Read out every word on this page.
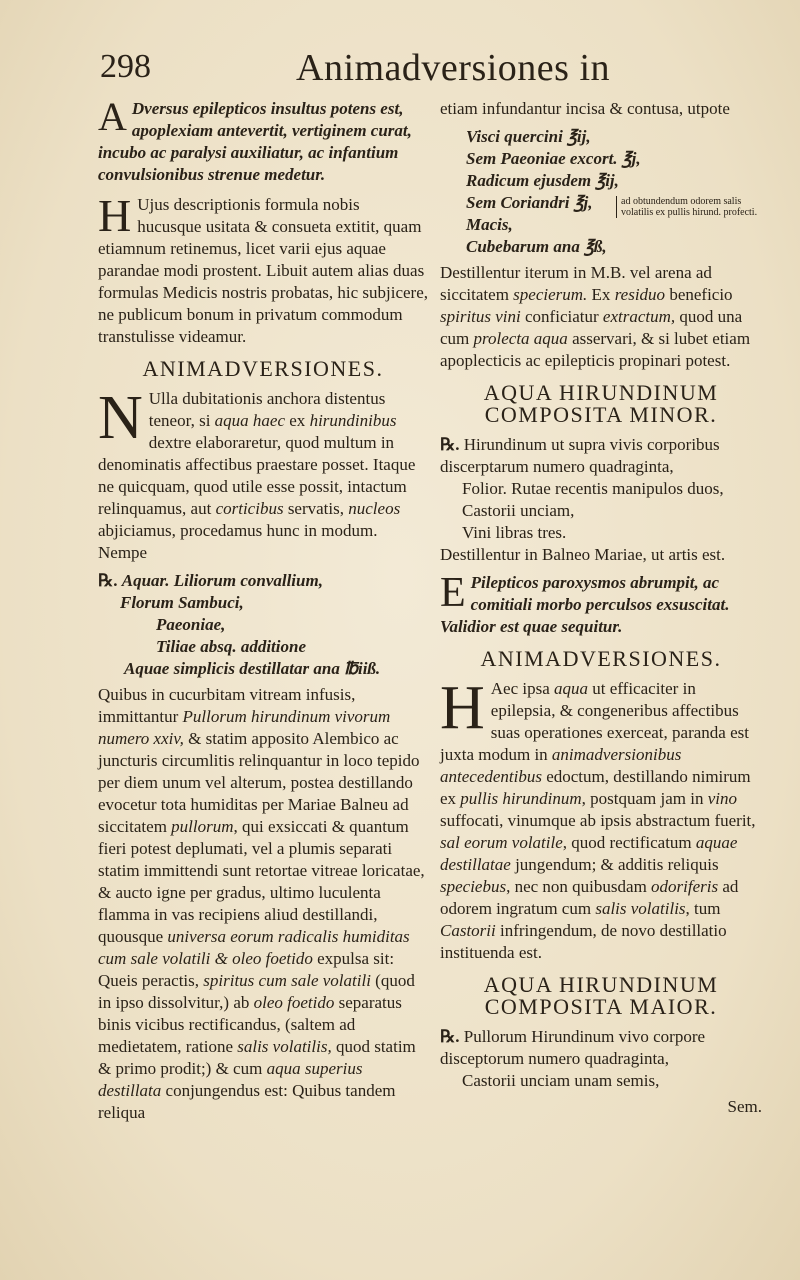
298	Animadversiones in

A Dversus epilepticos insultus potens est, apoplexiam antevertit, vertiginem curat, incubo ac paralysi auxiliatur, ac infantium convulsionibus strenue medetur.

H Ujus descriptionis formula nobis hucusque usitata & consueta extitit, quam etiamnum retinemus, licet varii ejus aquae parandae modi prostent. Libuit autem alias duas formulas Medicis nostris probatas, hic subjicere, ne publicum bonum in privatum commodum transtulisse videamur.

ANIMADVERSIONES.

N Ulla dubitationis anchora distentus teneor, si aqua haec ex hirundinibus dextre elaboraretur, quod multum in denominatis affectibus praestare posset. Itaque ne quicquam, quod utile esse possit, intactum relinquamus, aut corticibus servatis, nucleos abjiciamus, procedamus hunc in modum. Nempe

℞. Aquar. Liliorum convallium,
Florum Sambuci,
Paeoniae,
Tiliae absq. additione
Aquae simplicis destillatar ana ℔iiß.

Quibus in cucurbitam vitream infusis, immittantur Pullorum hirundinum vivorum numero xxiv, & statim apposito Alembico ac juncturis circumlitis relinquantur in loco tepido per diem unum vel alterum, postea destillando evocetur tota humiditas per Mariae Balneu ad siccitatem pullorum, qui exsiccati & quantum fieri potest deplumati, vel a plumis separati statim immittendi sunt retortae vitreae loricatae, & aucto igne per gradus, ultimo luculenta flamma in vas recipiens aliud destillandi, quousque universa eorum radicalis humiditas cum sale volatili & oleo foetido expulsa sit: Queis peractis, spiritus cum sale volatili (quod in ipso dissolvitur,) ab oleo foetido separatus binis vicibus rectificandus, (saltem ad medietatem, ratione salis volatilis, quod statim & primo prodit;) & cum aqua superius destillata conjungendus est: Quibus tandem reliqua

etiam infundantur incisa & contusa, utpote

Visci quercini ℥ij,
Sem Paeoniae excort. ℥j,
Radicum ejusdem ℥ij,
Sem Coriandri ℥j,
Macis,
Cubebarum ana ℥ß,
ad obtundendum odorem salis volatilis ex pullis hirund. profecti.

Destillentur iterum in M.B. vel arena ad siccitatem specierum. Ex residuo beneficio spiritus vini conficiatur extractum, quod una cum prolecta aqua asservari, & si lubet etiam apoplecticis ac epilepticis propinari potest.

AQUA HIRUNDINUM COMPOSITA MINOR.
℞. Hirundinum ut supra vivis corporibus discerptarum numero quadraginta,
Folior. Rutae recentis manipulos duos,
Castorii unciam,
Vini libras tres.
Destillentur in Balneo Mariae, ut artis est.

E Pilepticos paroxysmos abrumpit, ac comitiali morbo perculsos exsuscitat. Validior est quae sequitur.

ANIMADVERSIONES.

H Aec ipsa aqua ut efficaciter in epilepsia, & congeneribus affectibus suas operationes exerceat, paranda est juxta modum in animadversionibus antecedentibus edoctum, destillando nimirum ex pullis hirundinum, postquam jam in vino suffocati, vinumque ab ipsis abstractum fuerit, sal eorum volatile, quod rectificatum aquae destillatae jungendum; & additis reliquis speciebus, nec non quibusdam odoriferis ad odorem ingratum cum salis volatilis, tum Castorii infringendum, de novo destillatio instituenda est.

AQUA HIRUNDINUM COMPOSITA MAIOR.
℞. Pullorum Hirundinum vivo corpore disceptorum numero quadraginta,
Castorii unciam unam semis,
Sem.
